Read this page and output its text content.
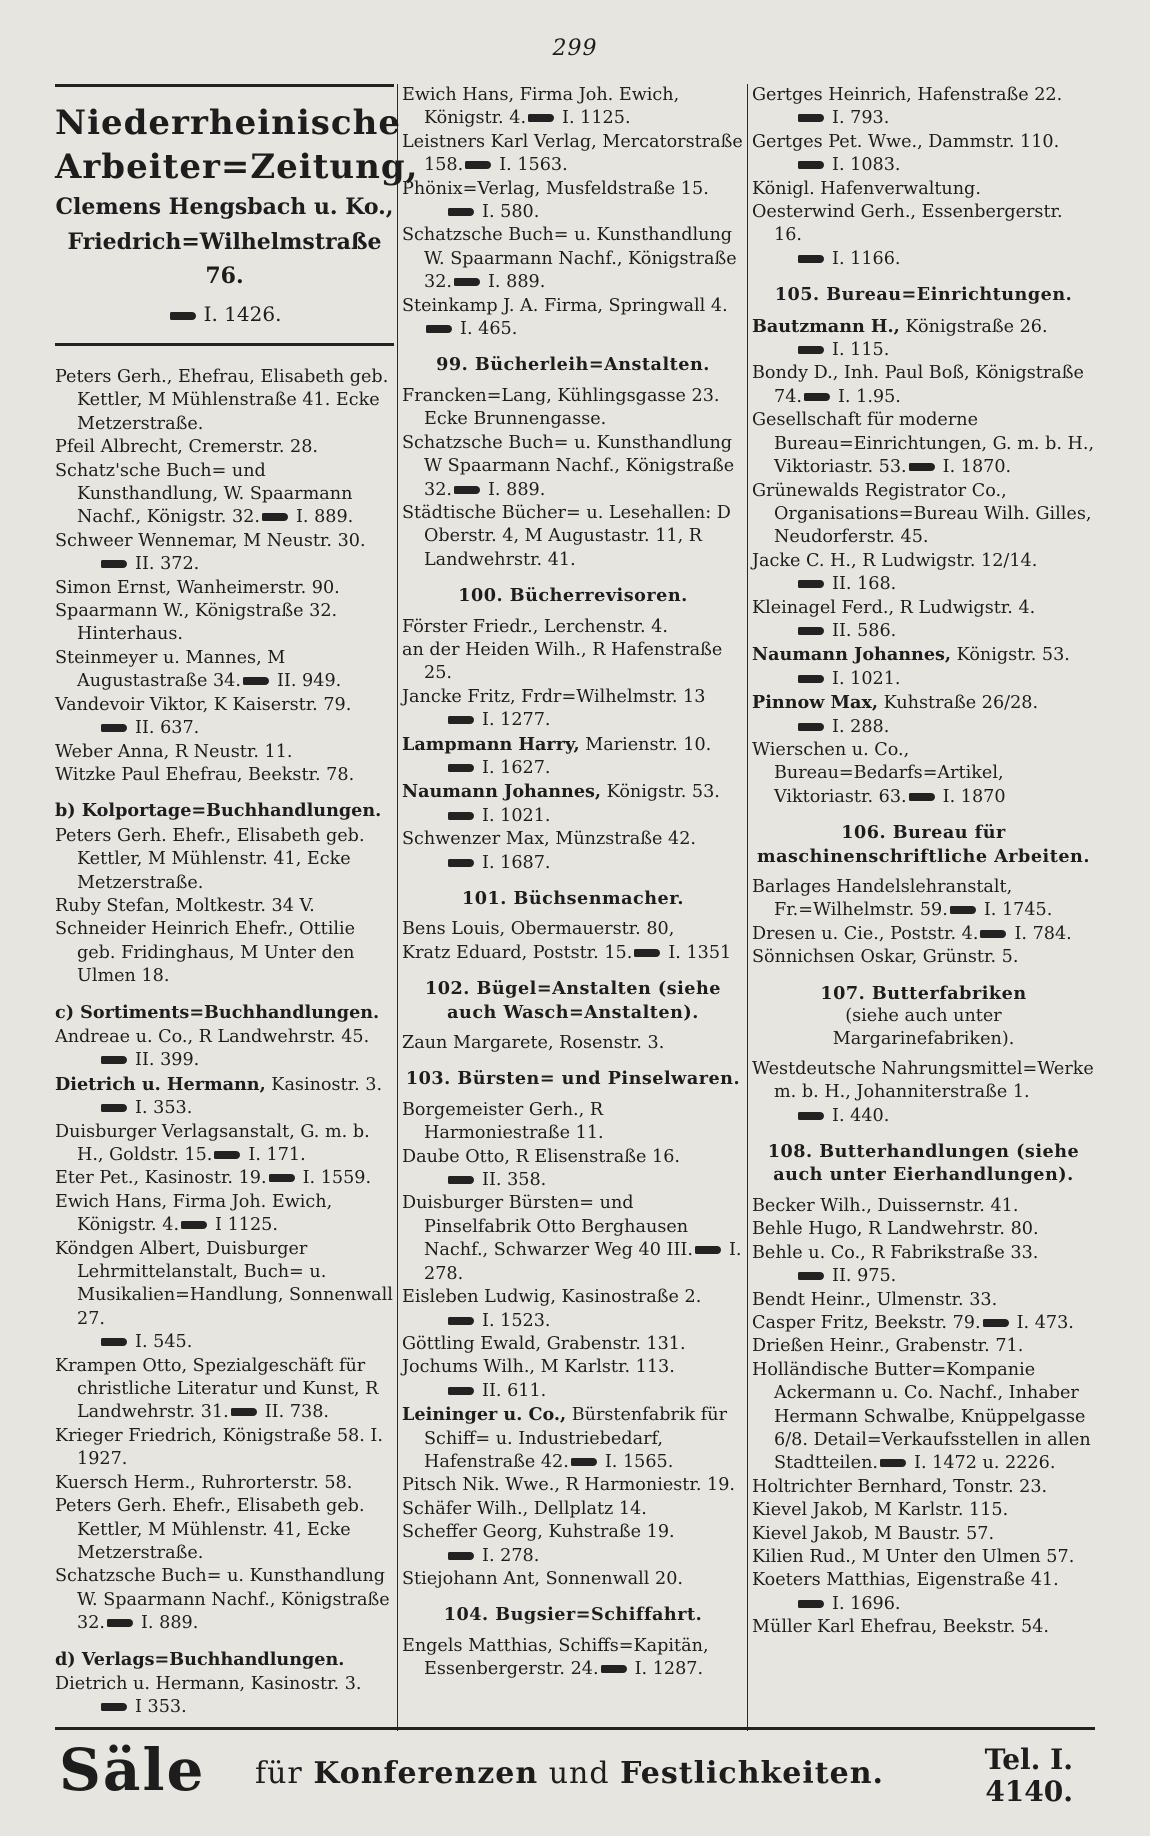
299
Niederrheinische
Arbeiter=Zeitung,
Clemens Hengsbach u. Ko.,
Friedrich=Wilhelmstraße 76.
I. 1426.

Peters Gerh., Ehefrau, Elisabeth geb. Kettler, M Mühlenstraße 41. Ecke Metzerstraße.

Pfeil Albrecht, Cremerstr. 28.

Schatz'sche Buch= und Kunsthandlung, W. Spaarmann Nachf., Königstr. 32. I. 889.

Schweer Wennemar, M Neustr. 30.
II. 372.

Simon Ernst, Wanheimerstr. 90.

Spaarmann W., Königstraße 32. Hinterhaus.

Steinmeyer u. Mannes, M Augustastraße 34. II. 949.

Vandevoir Viktor, K Kaiserstr. 79.
II. 637.

Weber Anna, R Neustr. 11.

Witzke Paul Ehefrau, Beekstr. 78.

b) Kolportage=Buchhandlungen.

Peters Gerh. Ehefr., Elisabeth geb. Kettler, M Mühlenstr. 41, Ecke Metzerstraße.

Ruby Stefan, Moltkestr. 34 V.

Schneider Heinrich Ehefr., Ottilie geb. Fridinghaus, M Unter den Ulmen 18.

c) Sortiments=Buchhandlungen.

Andreae u. Co., R Landwehrstr. 45.
II. 399.

Dietrich u. Hermann, Kasinostr. 3.
I. 353.

Duisburger Verlagsanstalt, G. m. b. H., Goldstr. 15. I. 171.

Eter Pet., Kasinostr. 19. I. 1559.

Ewich Hans, Firma Joh. Ewich, Königstr. 4. I 1125.

Köndgen Albert, Duisburger Lehrmittelanstalt, Buch= u. Musikalien=Handlung, Sonnenwall 27.
I. 545.

Krampen Otto, Spezialgeschäft für christliche Literatur und Kunst, R Landwehrstr. 31. II. 738.

Krieger Friedrich, Königstraße 58. I. 1927.

Kuersch Herm., Ruhrorterstr. 58.

Peters Gerh. Ehefr., Elisabeth geb. Kettler, M Mühlenstr. 41, Ecke Metzerstraße.

Schatzsche Buch= u. Kunsthandlung W. Spaarmann Nachf., Königstraße 32. I. 889.

d) Verlags=Buchhandlungen.

Dietrich u. Hermann, Kasinostr. 3.
I 353.

Ewich Hans, Firma Joh. Ewich, Königstr. 4. I. 1125.

Leistners Karl Verlag, Mercatorstraße 158. I. 1563.

Phönix=Verlag, Musfeldstraße 15.
I. 580.

Schatzsche Buch= u. Kunsthandlung W. Spaarmann Nachf., Königstraße 32. I. 889.

Steinkamp J. A. Firma, Springwall 4.I. 465.

99. Bücherleih=Anstalten.

Francken=Lang, Kühlingsgasse 23. Ecke Brunnengasse.

Schatzsche Buch= u. Kunsthandlung W Spaarmann Nachf., Königstraße 32. I. 889.

Städtische Bücher= u. Lesehallen: D Oberstr. 4, M Augustastr. 11, R Landwehrstr. 41.

100. Bücherrevisoren.

Förster Friedr., Lerchenstr. 4.

an der Heiden Wilh., R Hafenstraße 25.

Jancke Fritz, Frdr=Wilhelmstr. 13
I. 1277.

Lampmann Harry, Marienstr. 10.
I. 1627.

Naumann Johannes, Königstr. 53.
I. 1021.

Schwenzer Max, Münzstraße 42.
I. 1687.

101. Büchsenmacher.

Bens Louis, Obermauerstr. 80,

Kratz Eduard, Poststr. 15. I. 1351

102. Bügel=Anstalten (siehe auch Wasch=Anstalten).

Zaun Margarete, Rosenstr. 3.

103. Bürsten= und Pinselwaren.

Borgemeister Gerh., R Harmoniestraße 11.

Daube Otto, R Elisenstraße 16.
II. 358.

Duisburger Bürsten= und Pinselfabrik Otto Berghausen Nachf., Schwarzer Weg 40 III. I. 278.

Eisleben Ludwig, Kasinostraße 2.
I. 1523.

Göttling Ewald, Grabenstr. 131.

Jochums Wilh., M Karlstr. 113.
II. 611.

Leininger u. Co., Bürstenfabrik für Schiff= u. Industriebedarf, Hafenstraße 42. I. 1565.

Pitsch Nik. Wwe., R Harmoniestr. 19.

Schäfer Wilh., Dellplatz 14.

Scheffer Georg, Kuhstraße 19.
I. 278.

Stiejohann Ant, Sonnenwall 20.

104. Bugsier=Schiffahrt.

Engels Matthias, Schiffs=Kapitän, Essenbergerstr. 24. I. 1287.

Gertges Heinrich, Hafenstraße 22.
I. 793.

Gertges Pet. Wwe., Dammstr. 110.
I. 1083.

Königl. Hafenverwaltung.

Oesterwind Gerh., Essenbergerstr. 16.
I. 1166.

105. Bureau=Einrichtungen.

Bautzmann H., Königstraße 26.
I. 115.

Bondy D., Inh. Paul Boß, Königstraße 74. I. 1.95.

Gesellschaft für moderne Bureau=Einrichtungen, G. m. b. H., Viktoriastr. 53. I. 1870.

Grünewalds Registrator Co., Organisations=Bureau Wilh. Gilles, Neudorferstr. 45.

Jacke C. H., R Ludwigstr. 12/14.
II. 168.

Kleinagel Ferd., R Ludwigstr. 4.
II. 586.

Naumann Johannes, Königstr. 53.
I. 1021.

Pinnow Max, Kuhstraße 26/28.
I. 288.

Wierschen u. Co., Bureau=Bedarfs=Artikel, Viktoriastr. 63. I. 1870

106. Bureau für maschinenschriftliche Arbeiten.

Barlages Handelslehranstalt, Fr.=Wilhelmstr. 59. I. 1745.

Dresen u. Cie., Poststr. 4. I. 784.

Sönnichsen Oskar, Grünstr. 5.

107. Butterfabriken
(siehe auch unter Margarinefabriken).

Westdeutsche Nahrungsmittel=Werke m. b. H., Johanniterstraße 1.
I. 440.

108. Butterhandlungen (siehe auch unter Eierhandlungen).

Becker Wilh., Duissernstr. 41.

Behle Hugo, R Landwehrstr. 80.

Behle u. Co., R Fabrikstraße 33.
II. 975.

Bendt Heinr., Ulmenstr. 33.

Casper Fritz, Beekstr. 79. I. 473.

Drießen Heinr., Grabenstr. 71.

Holländische Butter=Kompanie Ackermann u. Co. Nachf., Inhaber Hermann Schwalbe, Knüppelgasse 6/8. Detail=Verkaufsstellen in allen Stadtteilen. I. 1472 u. 2226.

Holtrichter Bernhard, Tonstr. 23.

Kievel Jakob, M Karlstr. 115.

Kievel Jakob, M Baustr. 57.

Kilien Rud., M Unter den Ulmen 57.

Koeters Matthias, Eigenstraße 41.
I. 1696.

Müller Karl Ehefrau, Beekstr. 54.

Säle für Konferenzen und Festlichkeiten.	Tel. I.
4140.
